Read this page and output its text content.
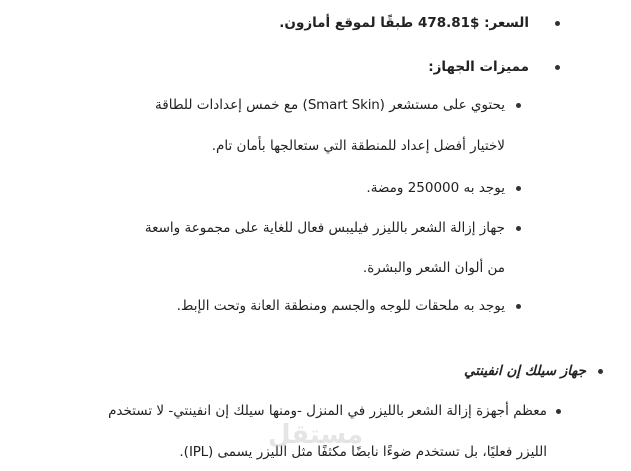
السعر: $478.81 طبقًا لموقع أمازون.
مميزات الجهاز:
يحتوي على مستشعر (Smart Skin) مع خمس إعدادات للطاقة
لاختيار أفضل إعداد للمنطقة التي ستعالجها بأمان تام.
يوجد به 250000 ومضة.
جهاز إزالة الشعر بالليزر فيليبس فعال للغاية على مجموعة واسعة
من ألوان الشعر والبشرة.
يوجد به ملحقات للوجه والجسم ومنطقة العانة وتحت الإبط.
جهاز سيلك إن انفينتي
معظم أجهزة إزالة الشعر بالليزر في المنزل -ومنها سيلك إن انفينتي- لا تستخدم
الليزر فعليًا، بل تستخدم ضوءًا نابضًا مكثفًا مثل الليزر يسمى (IPL).
مستقل
